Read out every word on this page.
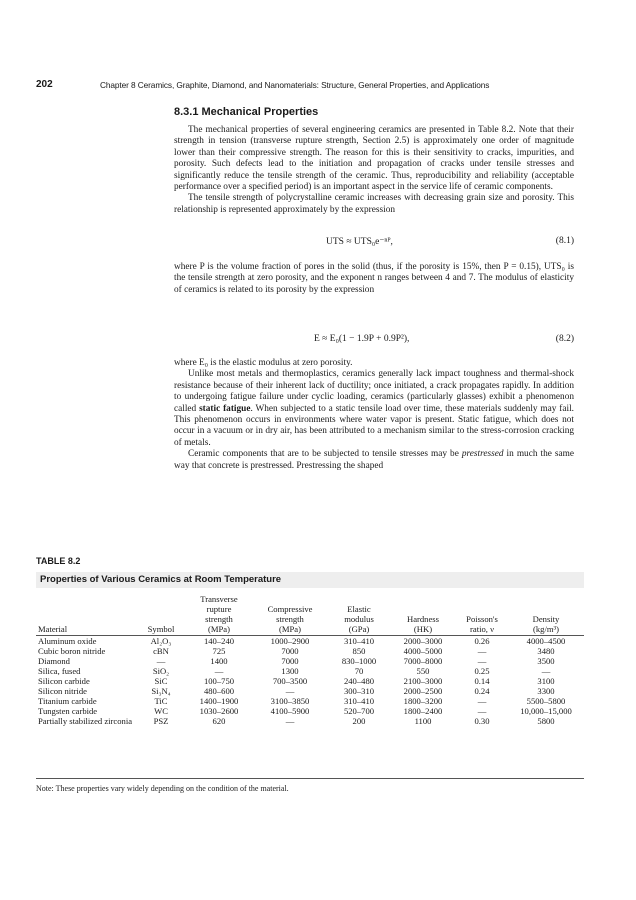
202	Chapter 8 Ceramics, Graphite, Diamond, and Nanomaterials: Structure, General Properties, and Applications
8.3.1 Mechanical Properties

The mechanical properties of several engineering ceramics are presented in Table 8.2. Note that their strength in tension (transverse rupture strength, Section 2.5) is approximately one order of magnitude lower than their compressive strength. The reason for this is their sensitivity to cracks, impurities, and porosity. Such defects lead to the initiation and propagation of cracks under tensile stresses and significantly reduce the tensile strength of the ceramic. Thus, reproducibility and reliability (acceptable performance over a specified period) is an important aspect in the service life of ceramic components.

The tensile strength of polycrystalline ceramic increases with decreasing grain size and porosity. This relationship is represented approximately by the expression

UTS ≈ UTS₀e⁻ⁿᴾ,	(8.1)

where P is the volume fraction of pores in the solid (thus, if the porosity is 15%, then P = 0.15), UTS₀ is the tensile strength at zero porosity, and the exponent n ranges between 4 and 7. The modulus of elasticity of ceramics is related to its porosity by the expression

E ≈ E₀(1 − 1.9P + 0.9P²),	(8.2)

where E₀ is the elastic modulus at zero porosity.

Unlike most metals and thermoplastics, ceramics generally lack impact toughness and thermal-shock resistance because of their inherent lack of ductility; once initiated, a crack propagates rapidly. In addition to undergoing fatigue failure under cyclic loading, ceramics (particularly glasses) exhibit a phenomenon called static fatigue. When subjected to a static tensile load over time, these materials suddenly may fail. This phenomenon occurs in environments where water vapor is present. Static fatigue, which does not occur in a vacuum or in dry air, has been attributed to a mechanism similar to the stress-corrosion cracking of metals.

Ceramic components that are to be subjected to tensile stresses may be prestressed in much the same way that concrete is prestressed. Prestressing the shaped

TABLE 8.2
Properties of Various Ceramics at Room Temperature
Material	Symbol	Transverse
rupture
strength
(MPa)	Compressive
strength
(MPa)	Elastic
modulus
(GPa)	Hardness
(HK)	Poisson's
ratio, ν	Density
(kg/m³)
Aluminum oxide	Al₂O₃	140–240	1000–2900	310–410	2000–3000	0.26	4000–4500
Cubic boron nitride	cBN	725	7000	850	4000–5000	—	3480
Diamond	—	1400	7000	830–1000	7000–8000	—	3500
Silica, fused	SiO₂	—	1300	70	550	0.25	—
Silicon carbide	SiC	100–750	700–3500	240–480	2100–3000	0.14	3100
Silicon nitride	Si₃N₄	480–600	—	300–310	2000–2500	0.24	3300
Titanium carbide	TiC	1400–1900	3100–3850	310–410	1800–3200	—	5500–5800
Tungsten carbide	WC	1030–2600	4100–5900	520–700	1800–2400	—	10,000–15,000
Partially stabilized zirconia	PSZ	620	—	200	1100	0.30	5800
Note: These properties vary widely depending on the condition of the material.
